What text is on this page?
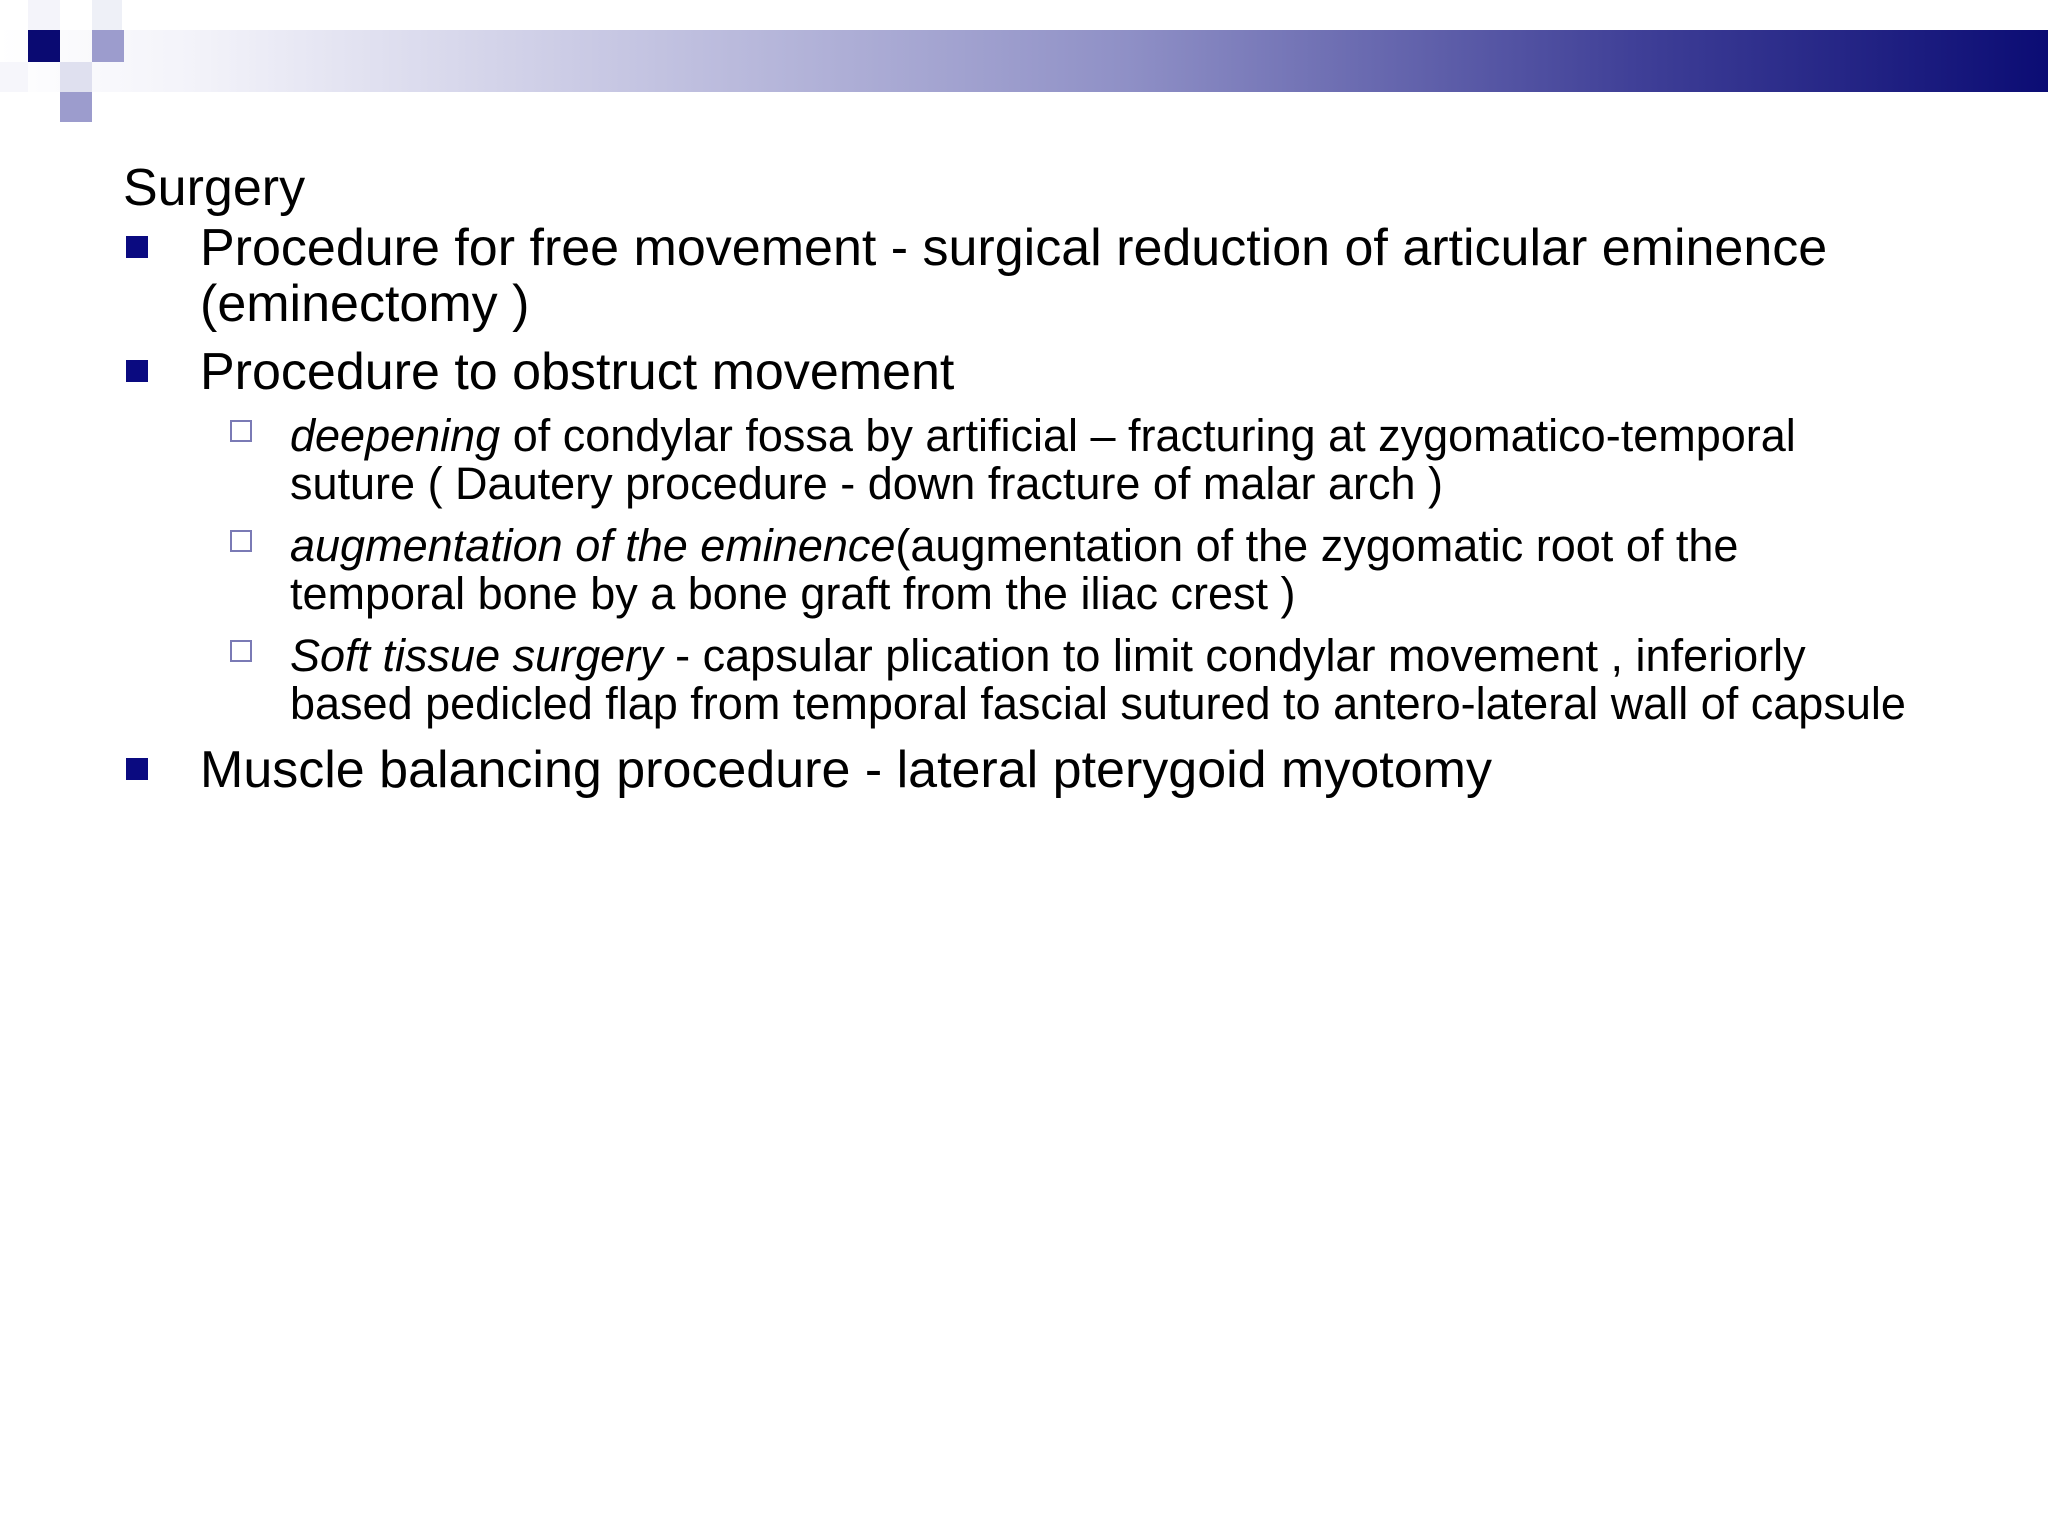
Surgery
Procedure for free movement - surgical reduction of articular eminence (eminectomy )
Procedure to obstruct movement
deepening of condylar fossa by artificial – fracturing at zygomatico-temporal suture ( Dautery procedure - down fracture of malar arch )
augmentation of the eminence(augmentation of the zygomatic root of the temporal bone by a bone graft from the iliac crest )
Soft tissue surgery - capsular plication to limit condylar movement , inferiorly based pedicled flap from temporal fascial sutured to antero-lateral wall of capsule
Muscle balancing procedure - lateral pterygoid myotomy
